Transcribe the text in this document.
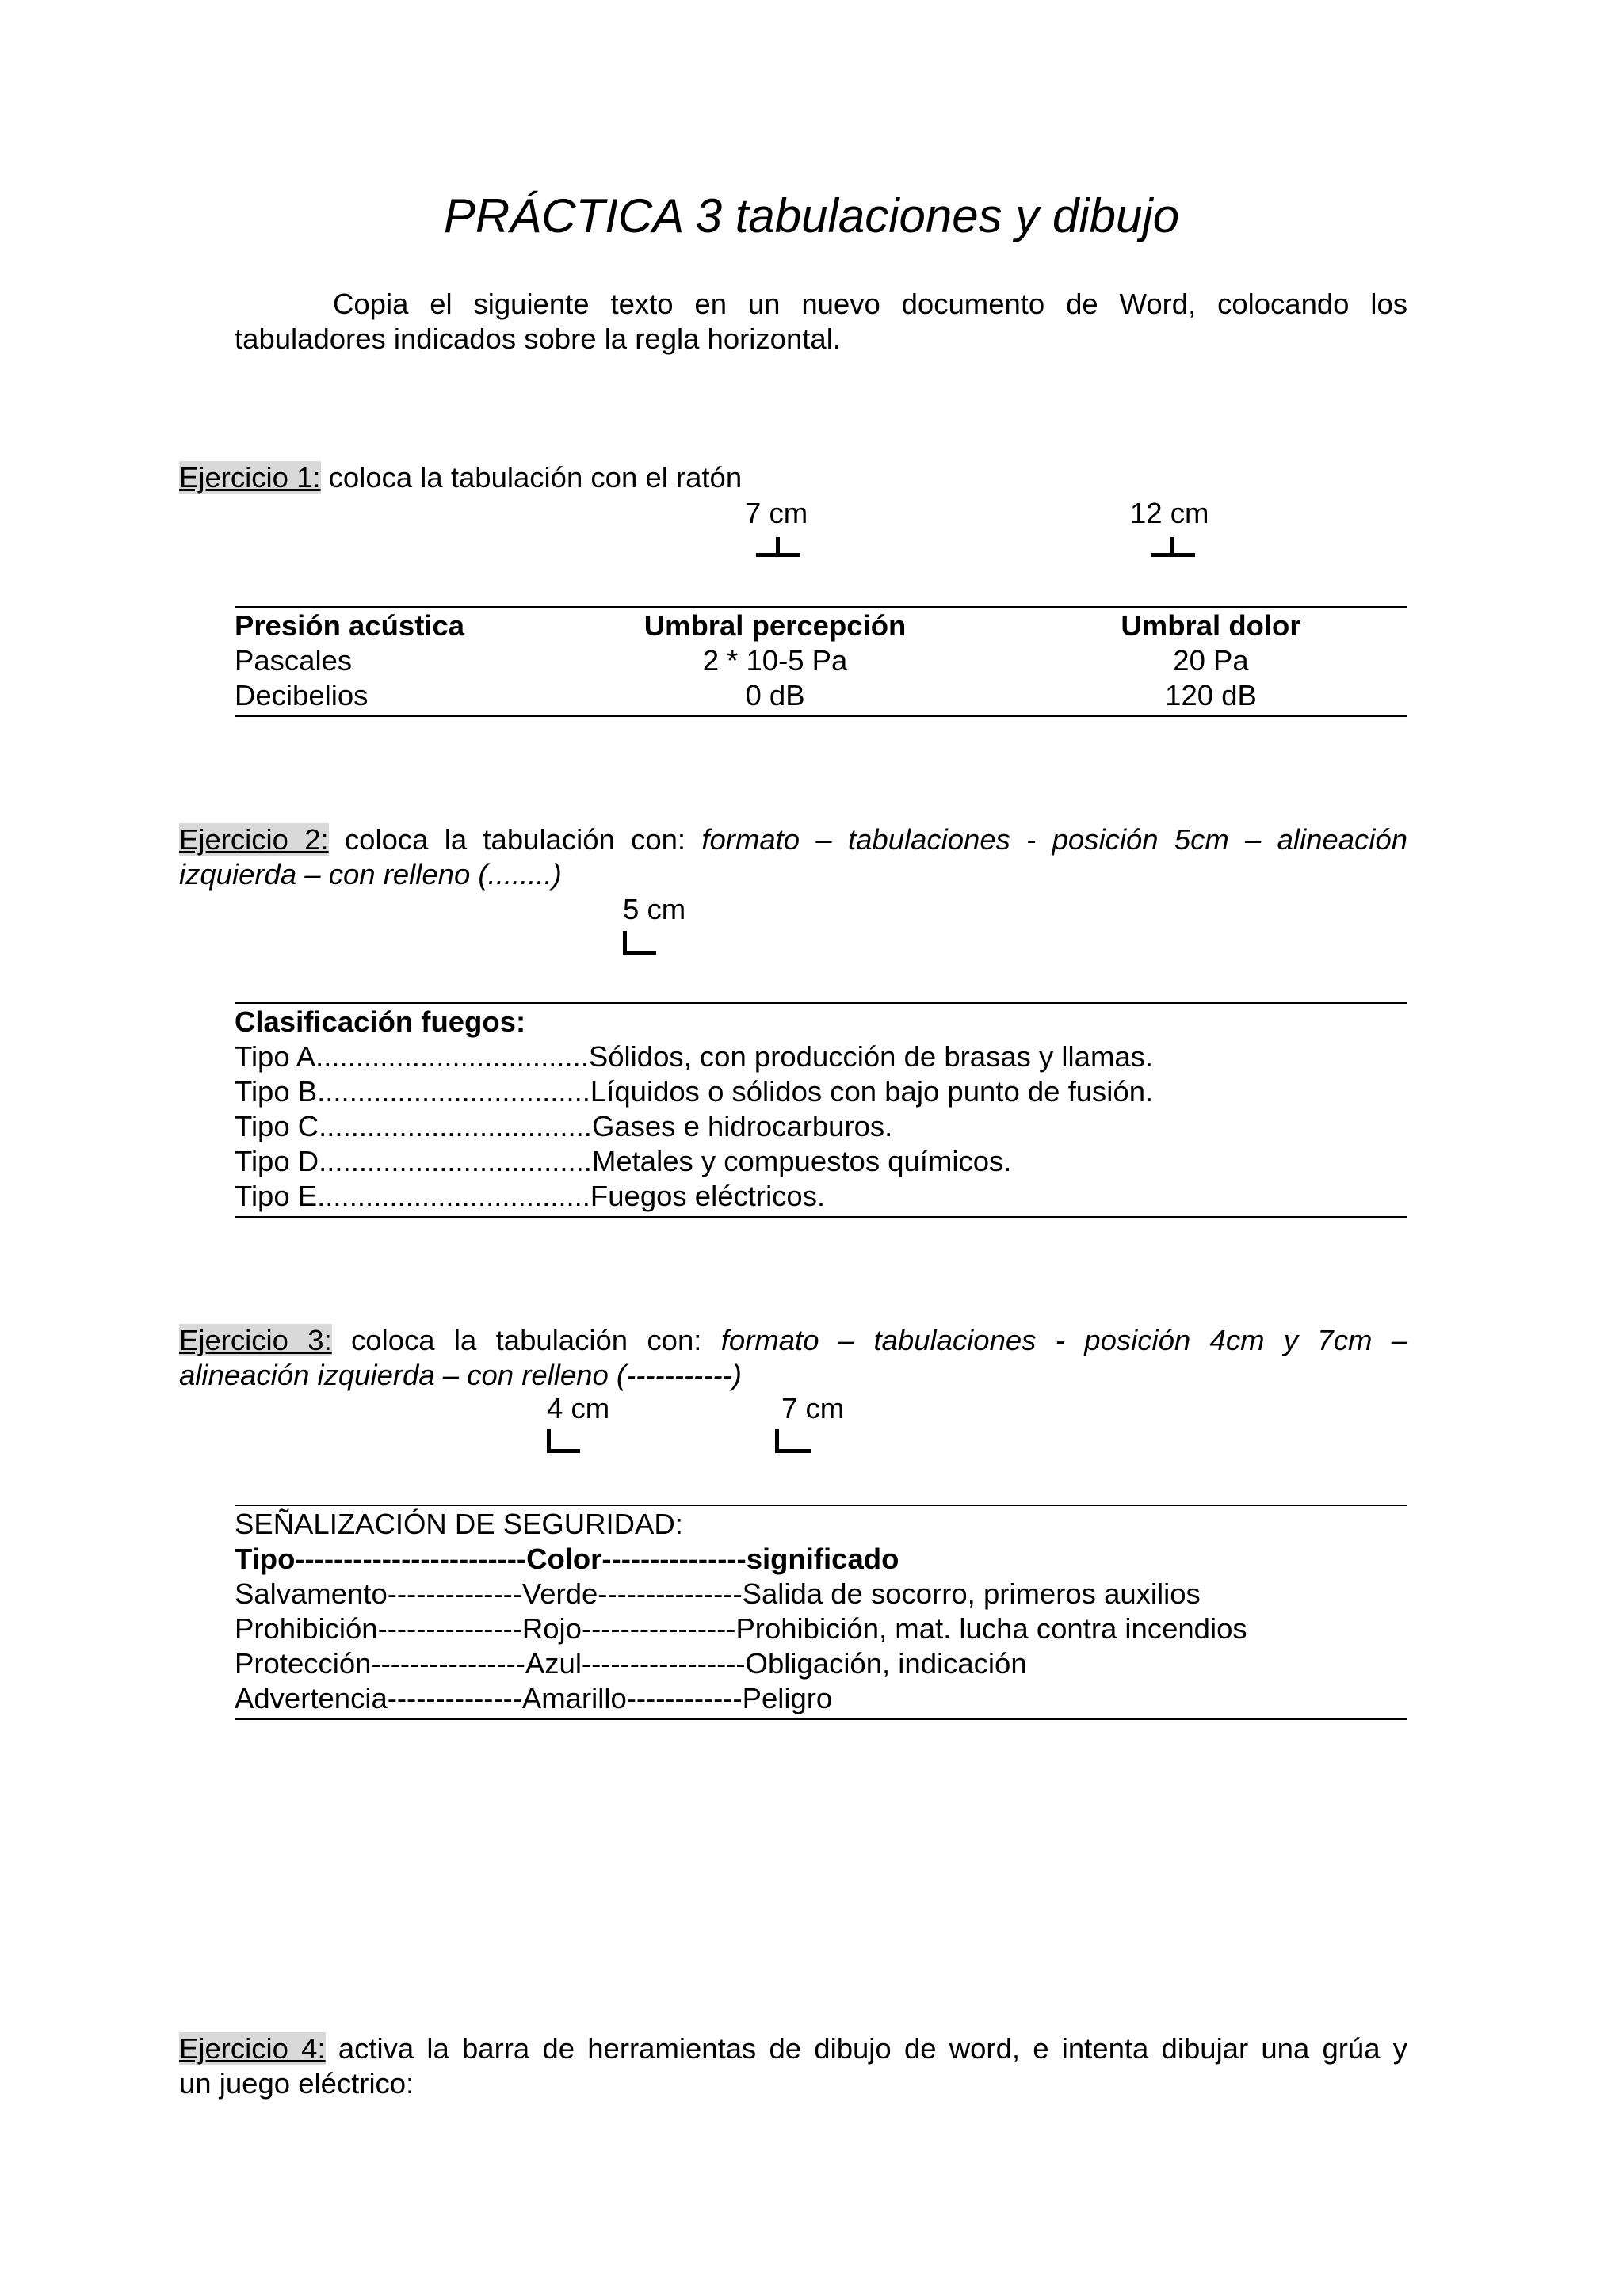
PRÁCTICA 3 tabulaciones y dibujo
Copia el siguiente texto en un nuevo documento de Word, colocando los tabuladores indicados sobre la regla horizontal.
Ejercicio 1: coloca la tabulación con el ratón
7 cm	12 cm
Presión acústica	Umbral percepción	Umbral dolor
Pascales	2 * 10-5 Pa	20 Pa
Decibelios	0 dB	120 dB
Ejercicio 2: coloca la tabulación con: formato – tabulaciones - posición 5cm – alineación
izquierda – con relleno (........)
5 cm
Clasificación fuegos:
Tipo A..................................Sólidos, con producción de brasas y llamas.
Tipo B..................................Líquidos o sólidos con bajo punto de fusión.
Tipo C..................................Gases e hidrocarburos.
Tipo D..................................Metales y compuestos químicos.
Tipo E..................................Fuegos eléctricos.
Ejercicio 3: coloca la tabulación con: formato – tabulaciones - posición 4cm y 7cm –
alineación izquierda – con relleno (-----------)
4 cm	7 cm
SEÑALIZACIÓN DE SEGURIDAD:
Tipo------------------------Color---------------significado
Salvamento--------------Verde---------------Salida de socorro, primeros auxilios
Prohibición---------------Rojo----------------Prohibición, mat. lucha contra incendios
Protección----------------Azul-----------------Obligación, indicación
Advertencia--------------Amarillo------------Peligro
Ejercicio 4: activa la barra de herramientas de dibujo de word, e intenta dibujar una grúa y
un juego eléctrico:
